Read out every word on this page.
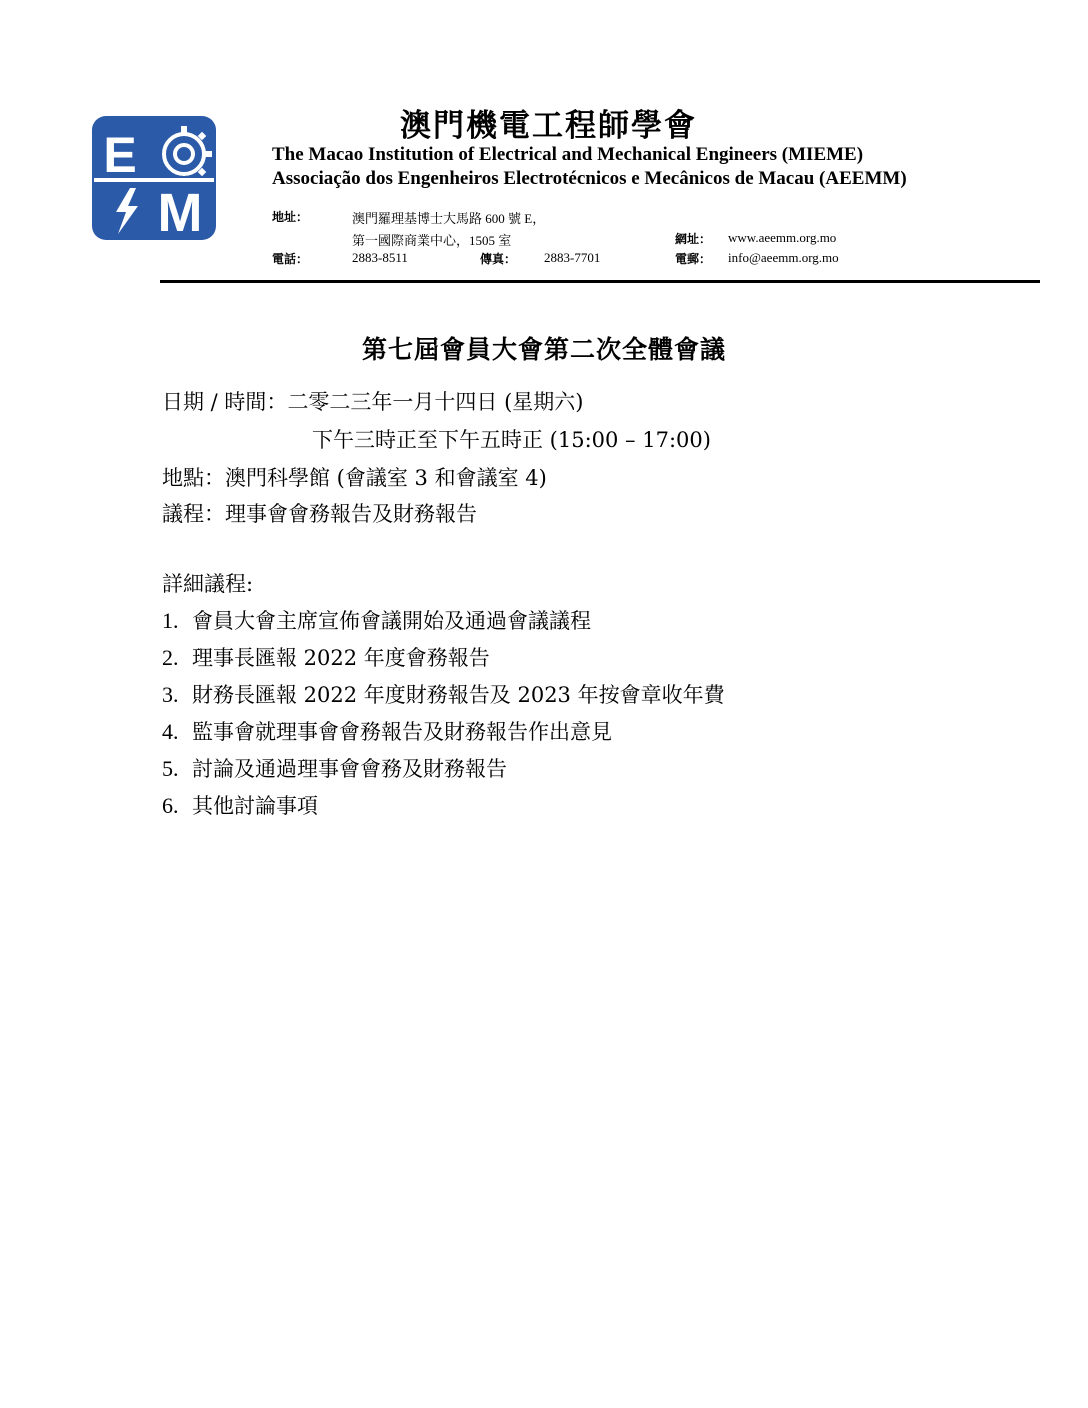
E
M
澳門機電工程師學會
The Macao Institution of Electrical and Mechanical Engineers (MIEME)
Associação dos Engenheiros Electrotécnicos e Mecânicos de Macau (AEEMM)
地址：	澳門羅理基博士大馬路 600 號 E，
第一國際商業中心，1505 室	網址： www.aeemm.org.mo
電話：	2883-8511	傳真： 2883-7701	電郵： info@aeemm.org.mo
第七屆會員大會第二次全體會議
日期 / 時間：二零二三年一月十四日 (星期六)
下午三時正至下午五時正 (15:00 – 17:00)
地點：澳門科學館 (會議室 3 和會議室 4)
議程：理事會會務報告及財務報告
詳細議程:
1. 會員大會主席宣佈會議開始及通過會議議程
2. 理事長匯報 2022 年度會務報告
3. 財務長匯報 2022 年度財務報告及 2023 年按會章收年費
4. 監事會就理事會會務報告及財務報告作出意見
5. 討論及通過理事會會務及財務報告
6. 其他討論事項
